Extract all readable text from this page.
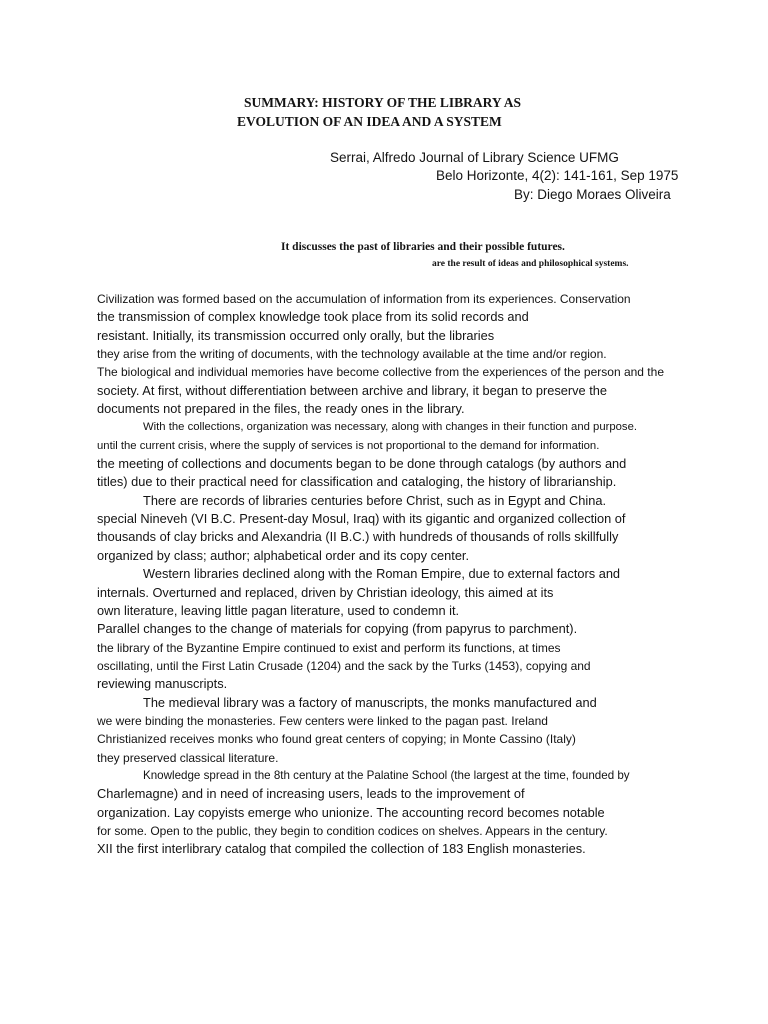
SUMMARY: HISTORY OF THE LIBRARY AS
EVOLUTION OF AN IDEA AND A SYSTEM
Serrai, Alfredo Journal of Library Science UFMG
Belo Horizonte, 4(2): 141-161, Sep 1975
By: Diego Moraes Oliveira
It discusses the past of libraries and their possible futures.
are the result of ideas and philosophical systems.
Civilization was formed based on the accumulation of information from its experiences. Conservation
the transmission of complex knowledge took place from its solid records and
resistant. Initially, its transmission occurred only orally, but the libraries
they arise from the writing of documents, with the technology available at the time and/or region.
The biological and individual memories have become collective from the experiences of the person and the
society. At first, without differentiation between archive and library, it began to preserve the
documents not prepared in the files, the ready ones in the library.
With the collections, organization was necessary, along with changes in their function and purpose.
until the current crisis, where the supply of services is not proportional to the demand for information.
the meeting of collections and documents began to be done through catalogs (by authors and
titles) due to their practical need for classification and cataloging, the history of librarianship.
There are records of libraries centuries before Christ, such as in Egypt and China.
special Nineveh (VI B.C. Present-day Mosul, Iraq) with its gigantic and organized collection of
thousands of clay bricks and Alexandria (II B.C.) with hundreds of thousands of rolls skillfully
organized by class; author; alphabetical order and its copy center.
Western libraries declined along with the Roman Empire, due to external factors and
internals. Overturned and replaced, driven by Christian ideology, this aimed at its
own literature, leaving little pagan literature, used to condemn it.
Parallel changes to the change of materials for copying (from papyrus to parchment).
the library of the Byzantine Empire continued to exist and perform its functions, at times
oscillating, until the First Latin Crusade (1204) and the sack by the Turks (1453), copying and
reviewing manuscripts.
The medieval library was a factory of manuscripts, the monks manufactured and
we were binding the monasteries. Few centers were linked to the pagan past. Ireland
Christianized receives monks who found great centers of copying; in Monte Cassino (Italy)
they preserved classical literature.
Knowledge spread in the 8th century at the Palatine School (the largest at the time, founded by
Charlemagne) and in need of increasing users, leads to the improvement of
organization. Lay copyists emerge who unionize. The accounting record becomes notable
for some. Open to the public, they begin to condition codices on shelves. Appears in the century.
XII the first interlibrary catalog that compiled the collection of 183 English monasteries.
